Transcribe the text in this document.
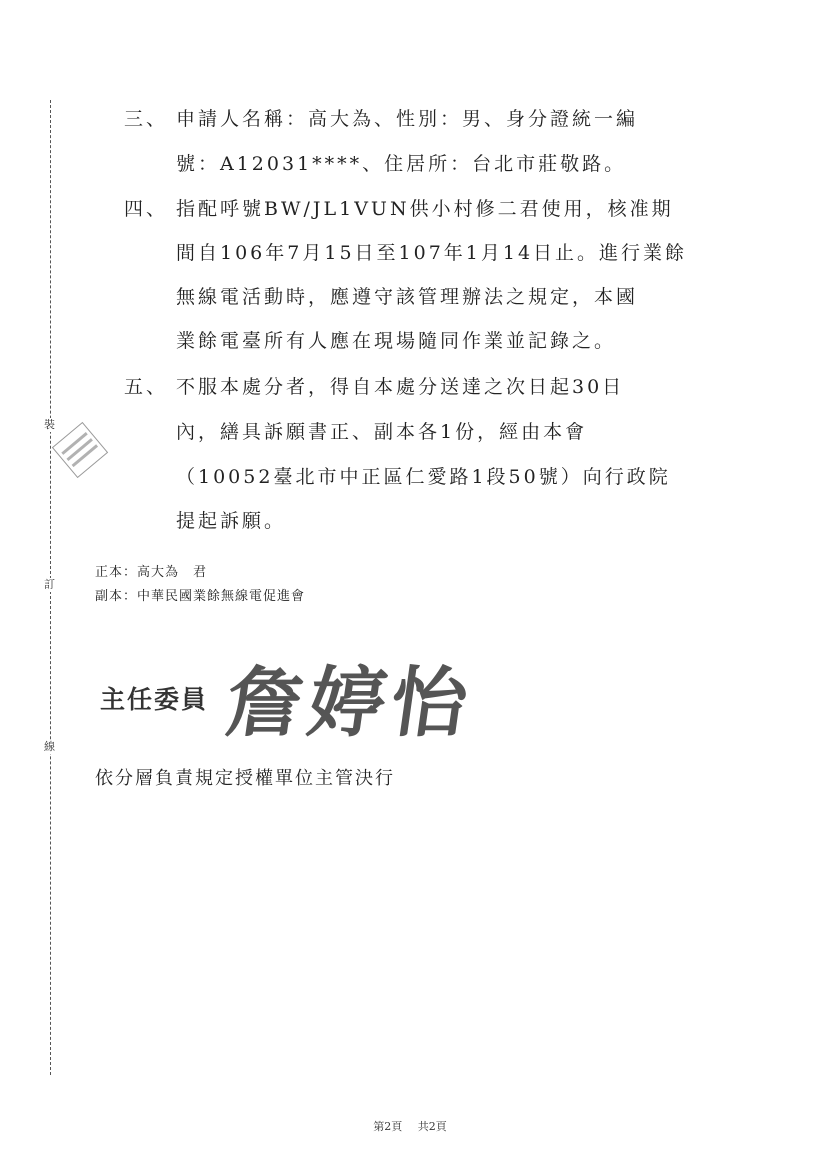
裝
訂
線
三、 申請人名稱：高大為、性別：男、身分證統一編
號：A12031****、住居所：台北市莊敬路。
四、 指配呼號BW/JL1VUN供小村修二君使用，核准期
間自106年7月15日至107年1月14日止。進行業餘
無線電活動時，應遵守該管理辦法之規定，本國
業餘電臺所有人應在現場隨同作業並記錄之。
五、 不服本處分者，得自本處分送達之次日起30日
內，繕具訴願書正、副本各1份，經由本會
（10052臺北市中正區仁愛路1段50號）向行政院
提起訴願。
正本：高大為　君
副本：中華民國業餘無線電促進會
主任委員 詹婷怡
依分層負責規定授權單位主管決行
第2頁 共2頁
